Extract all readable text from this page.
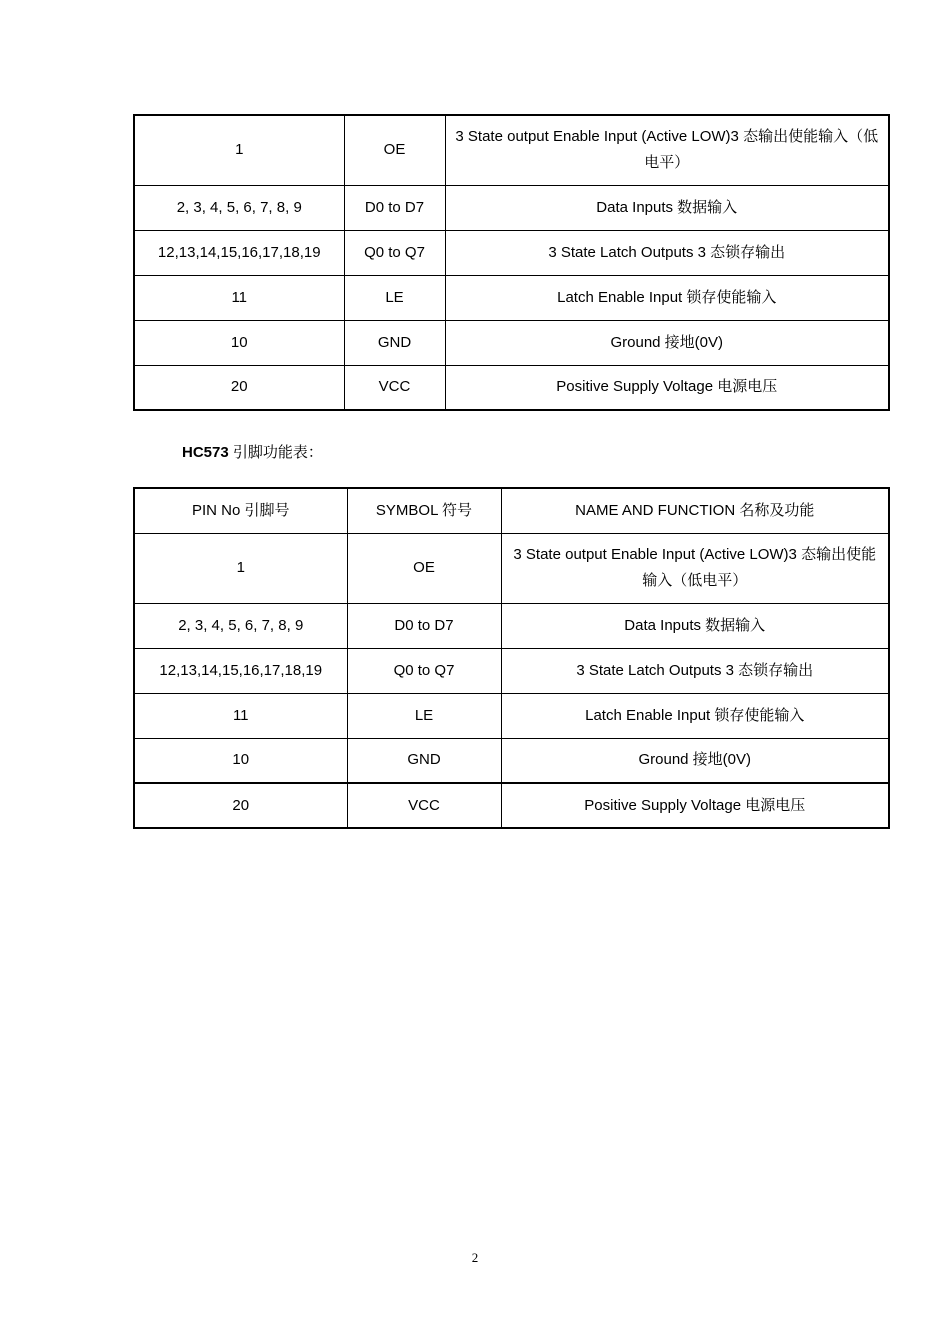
1	OE	3 State output Enable Input (Active LOW)3 态输出使能输入（低电平）
2, 3, 4, 5, 6, 7, 8, 9	D0 to D7	Data Inputs 数据输入
12,13,14,15,16,17,18,19	Q0 to Q7	3 State Latch Outputs 3 态锁存输出
11	LE	Latch Enable Input 锁存使能输入
10	GND	Ground 接地(0V)
20	VCC	Positive Supply Voltage 电源电压
HC573 引脚功能表：
PIN No 引脚号	SYMBOL 符号	NAME AND FUNCTION 名称及功能
1	OE	3 State output Enable Input (Active LOW)3 态输出使能输入（低电平）
2, 3, 4, 5, 6, 7, 8, 9	D0 to D7	Data Inputs 数据输入
12,13,14,15,16,17,18,19	Q0 to Q7	3 State Latch Outputs 3 态锁存输出
11	LE	Latch Enable Input 锁存使能输入
10	GND	Ground 接地(0V)
20	VCC	Positive Supply Voltage 电源电压
2
